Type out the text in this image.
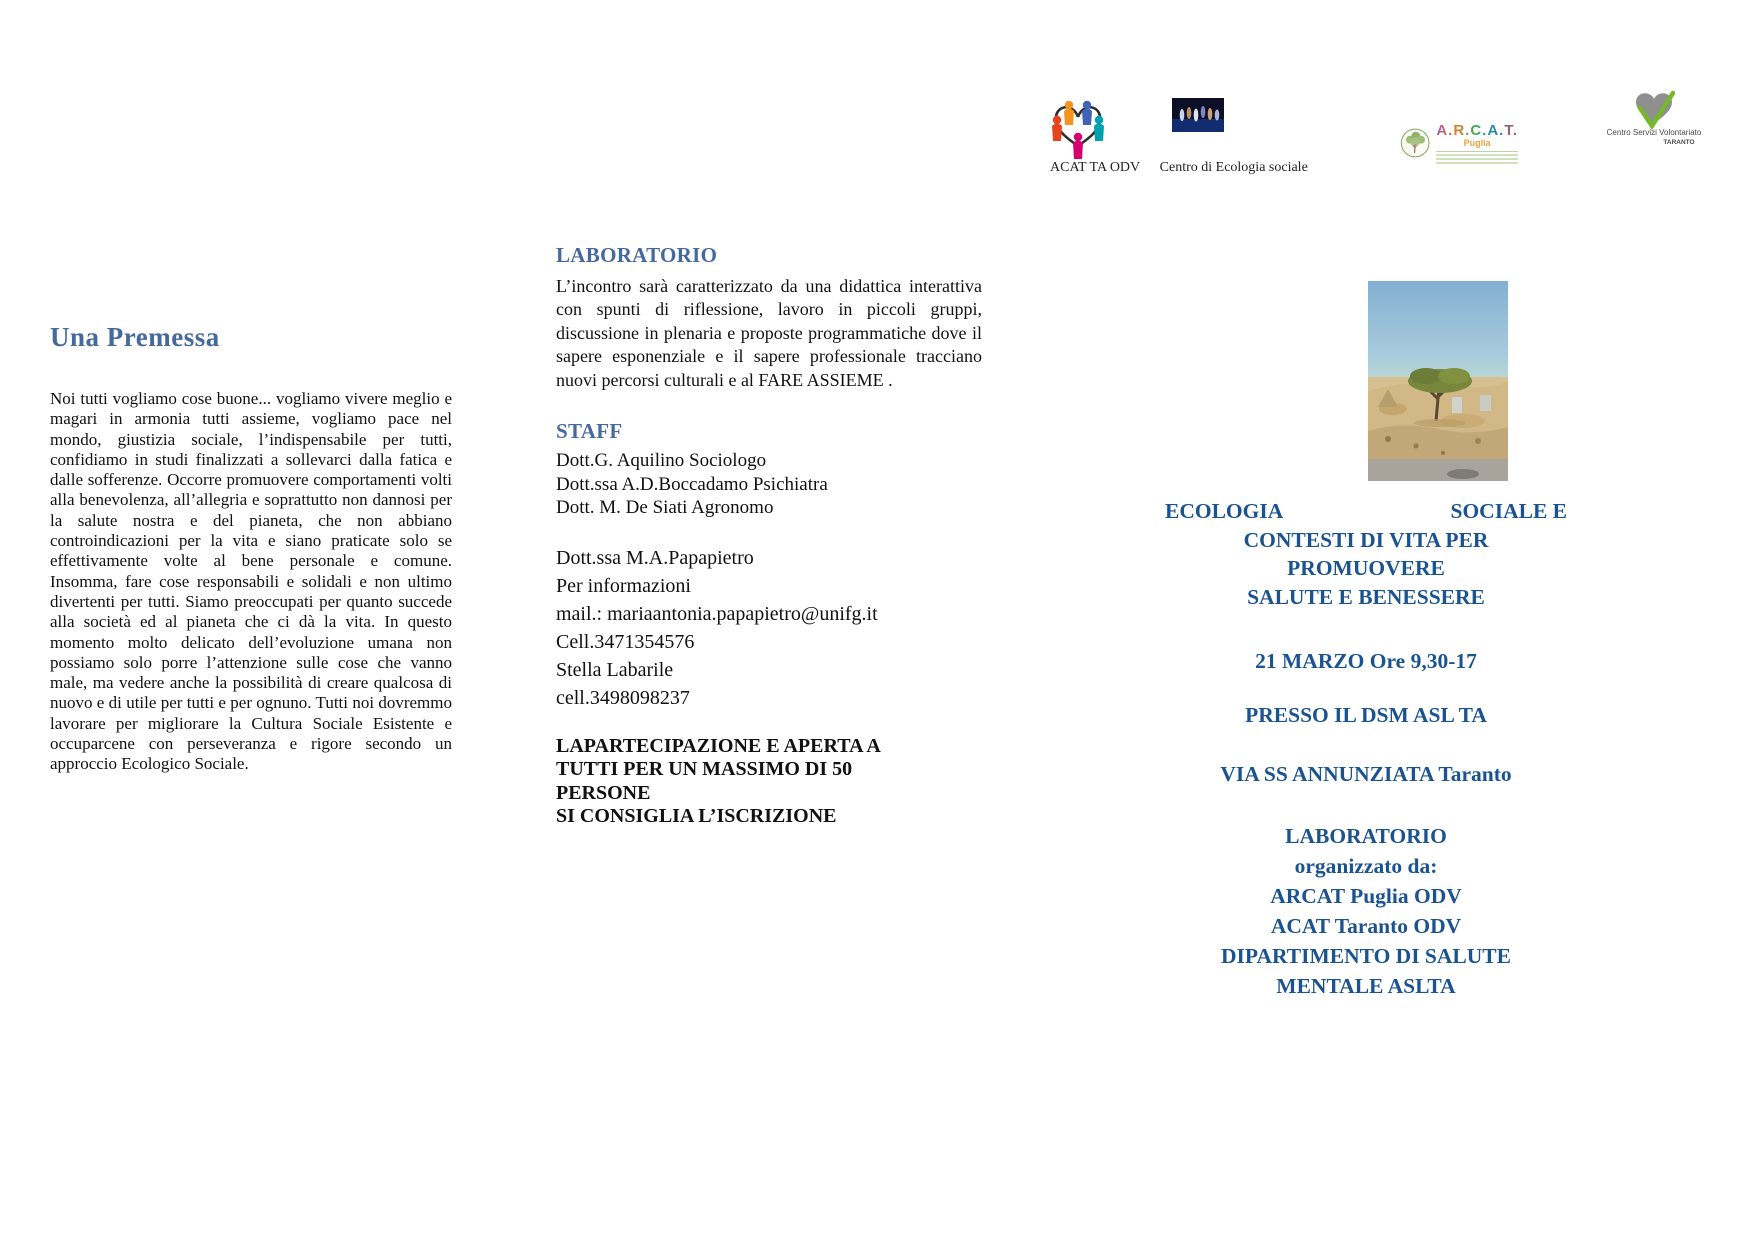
Una Premessa

Noi tutti vogliamo cose buone... vogliamo vivere meglio e magari in armonia tutti assieme, vogliamo pace nel mondo, giustizia sociale, l’indispensabile per tutti, confidiamo in studi finalizzati a sollevarci dalla fatica e dalle sofferenze. Occorre promuovere comportamenti volti alla benevolenza, all’allegria e soprattutto non dannosi per la salute nostra e del pianeta, che non abbiano controindicazioni per la vita e siano praticate solo se effettivamente volte al bene personale e comune. Insomma, fare cose responsabili e solidali e non ultimo divertenti per tutti. Siamo preoccupati per quanto succede alla società ed al pianeta che ci dà la vita. In questo momento molto delicato dell’evoluzione umana non possiamo solo porre l’attenzione sulle cose che vanno male, ma vedere anche la possibilità di creare qualcosa di nuovo e di utile per tutti e per ognuno. Tutti noi dovremmo lavorare per migliorare la Cultura Sociale Esistente e occuparcene con perseveranza e rigore secondo un approccio Ecologico Sociale.

LABORATORIO

L’incontro sarà caratterizzato da una didattica interattiva con spunti di riflessione, lavoro in piccoli gruppi, discussione in plenaria e proposte programmatiche dove il sapere esponenziale e il sapere professionale tracciano nuovi percorsi culturali e al FARE ASSIEME .

STAFF
Dott.G. Aquilino Sociologo
Dott.ssa A.D.Boccadamo Psichiatra
Dott. M. De Siati Agronomo
Dott.ssa M.A.Papapietro
Per informazioni
mail.: mariaantonia.papapietro@unifg.it
Cell.3471354576
Stella Labarile
cell.3498098237
LAPARTECIPAZIONE E APERTA A
TUTTI PER UN MASSIMO DI 50
PERSONE
SI CONSIGLIA L’ISCRIZIONE
A.R.C.A.T.
Puglia
Centro Servizi Volontariato
TARANTO
ACAT TA ODV Centro di Ecologia sociale
ECOLOGIA	SOCIALE E
CONTESTI DI VITA PER PROMUOVERE
SALUTE E BENESSERE
21 MARZO Ore 9,30-17
PRESSO IL DSM ASL TA
VIA SS ANNUNZIATA Taranto
LABORATORIO
organizzato da:
ARCAT Puglia ODV
ACAT Taranto ODV
DIPARTIMENTO DI SALUTE
MENTALE ASLTA
